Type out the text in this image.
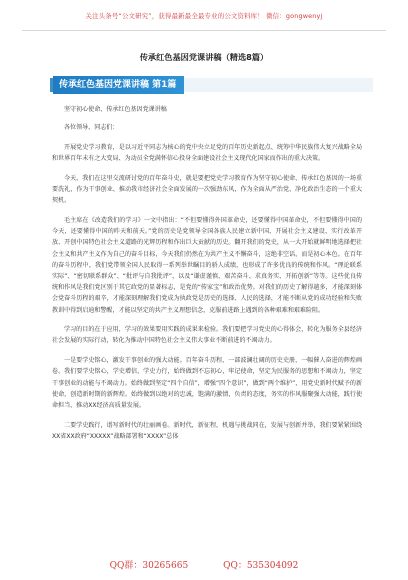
关注头条号“公文研究”，获得最新最全最专业的公文资料库！ 微信：gongwenyj
传承红色基因党课讲稿（精选8篇）
传承红色基因党课讲稿 第1篇

坚守初心使命、传承红色基因党课讲稿

各位领导、同志们：

开展党史学习教育，是以习近平同志为核心的党中央立足党的百年历史新起点、统筹中华民族伟大复兴战略全局和世界百年未有之大变局、为动员全党满怀信心投身全面建设社会主义现代化国家而作出的重大决策。

今天，我们在这里交流研讨党的百年奋斗史，就是要把党史学习教育作为坚守初心使命、传承红色基因的一场重要洗礼，作为干事创业、推动我市经济社会全面发展的一次强劲东风，作为全面从严治党、净化政治生态的一个重大契机。

毛主席在《改造我们的学习》一文中指出：“不但要懂得外国革命史，还要懂得中国革命史，不但要懂得中国的今天，还要懂得中国的昨天和前天。”党的历史是党领导全国各族人民建立新中国、开展社会主义建设、实行改革开放、开创中国特色社会主义道路的光辉历程和作出巨大贡献的历史。翻开我们的党史，从一大开始就鲜明地选择把社会主义和共产主义作为自己的奋斗目标，今天我们仍然在为共产主义不懈奋斗，这绝非空话，而是初心本色。在百年的奋斗历程中，我们党带领全国人民取得一系列举世瞩目的骄人成绩，也形成了许多优良的传统和作风。“理论联系实际”、“密切联系群众”、“批评与自我批评”、以及“谦虚谨慎、艰苦奋斗、求真务实、开拓创新”等等。这些优良传统和作风是我们党区别于其它政党的显著标志，是党的“传家宝”和政治优势。对我们的历史了解得越多，才能深刻体会党奋斗历程的艰辛，才能深刻理解我们党成为执政党是历史的选择、人民的选择，才能不断从党的成功经验和失败教训中得到启迪和警醒，才能以坚定的共产主义理想信念，克服前进路上遇到的各种艰难和艰难险阻。

学习的目的在于应用，学习的效果要用实践的成果来检验。我们要把学习党史的心得体会，转化为服务全县经济社会发展的实际行动，转化为推动中国特色社会主义伟大事业不断前进的不竭动力。

一是要学史铭心，激发干事创业的强大动能。百年奋斗历程，一部波澜壮阔的历史史册，一幅催人奋进的辉煌画卷。我们要学史铭心，学史增信，学史力行，始终做到不忘初心，牢记使命，坚定为民服务的思想和不竭动力，坚定干事创业的动能与不竭动力。始终做到坚定“四个自信”，增强“四个意识”，做到“两个维护”，用党史新时代赋予的新使命，创造新时期的新辉煌。始终做到以绝对的忠诚，饱满的激情，负责的态度，务实的作风服聚强大动能，践行使命担当，推动XX经济高质量发展。

二要学史践行，谱写新时代的壮丽画卷。新时代，新征程，机遇与挑战同在，发展与创新并举，我们要紧紧围绕XX省XX政府“XXXXX”战略部署和“XXXX”总体

QQ群：30265665	QQ：535304092
